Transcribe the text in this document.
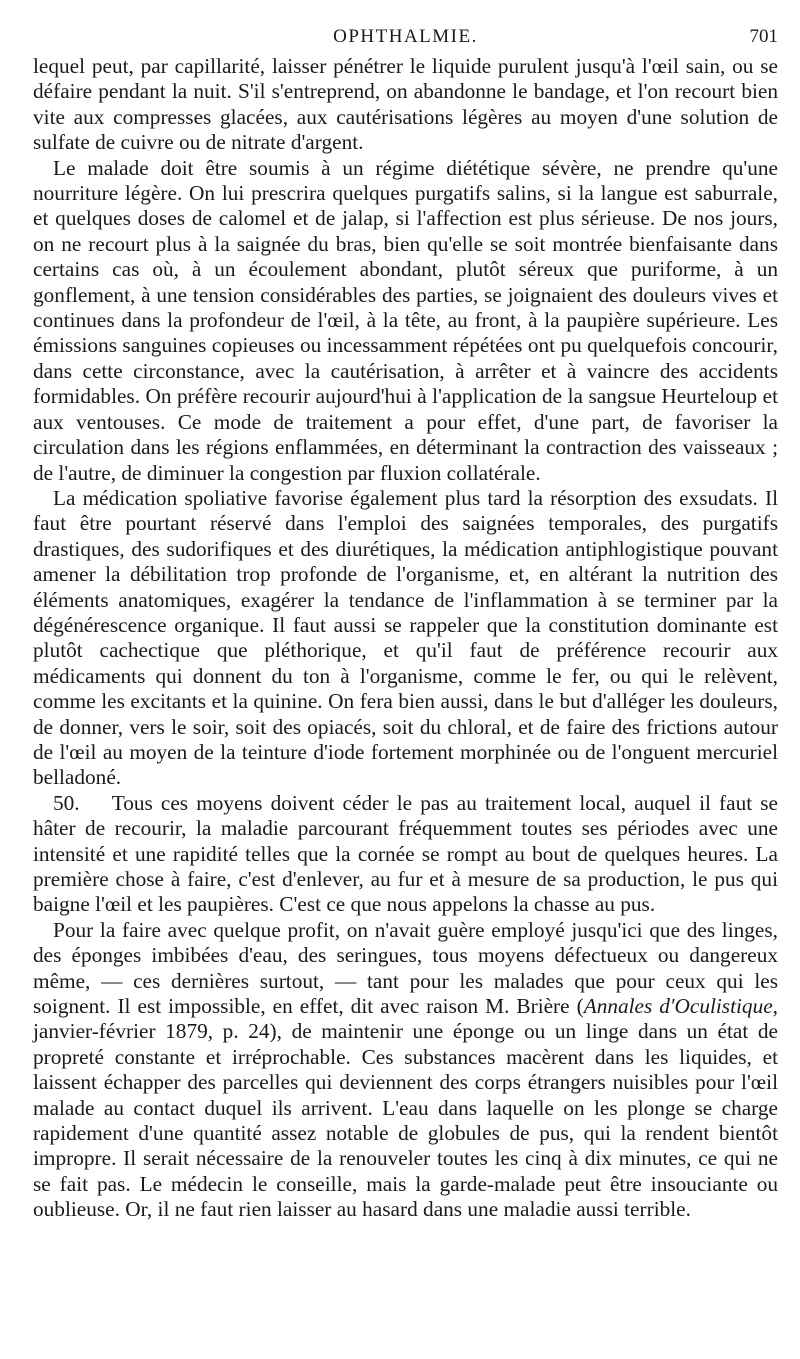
OPHTHALMIE.	701

lequel peut, par capillarité, laisser pénétrer le liquide purulent jusqu'à l'œil sain, ou se défaire pendant la nuit. S'il s'entreprend, on abandonne le bandage, et l'on recourt bien vite aux compresses glacées, aux cautérisations légères au moyen d'une solution de sulfate de cuivre ou de nitrate d'argent.

Le malade doit être soumis à un régime diététique sévère, ne prendre qu'une nourriture légère. On lui prescrira quelques purgatifs salins, si la langue est saburrale, et quelques doses de calomel et de jalap, si l'affection est plus sérieuse. De nos jours, on ne recourt plus à la saignée du bras, bien qu'elle se soit montrée bienfaisante dans certains cas où, à un écoulement abondant, plutôt séreux que puriforme, à un gonflement, à une tension considérables des parties, se joignaient des douleurs vives et continues dans la profondeur de l'œil, à la tête, au front, à la paupière supérieure. Les émissions sanguines copieuses ou incessamment répétées ont pu quelquefois concourir, dans cette circonstance, avec la cautérisation, à arrêter et à vaincre des accidents formidables. On préfère recourir aujourd'hui à l'application de la sangsue Heurteloup et aux ventouses. Ce mode de traitement a pour effet, d'une part, de favoriser la circulation dans les régions enflammées, en déterminant la contraction des vaisseaux ; de l'autre, de diminuer la congestion par fluxion collatérale.

La médication spoliative favorise également plus tard la résorption des exsudats. Il faut être pourtant réservé dans l'emploi des saignées temporales, des purgatifs drastiques, des sudorifiques et des diurétiques, la médication antiphlogistique pouvant amener la débilitation trop profonde de l'organisme, et, en altérant la nutrition des éléments anatomiques, exagérer la tendance de l'inflammation à se terminer par la dégénérescence organique. Il faut aussi se rappeler que la constitution dominante est plutôt cachectique que pléthorique, et qu'il faut de préférence recourir aux médicaments qui donnent du ton à l'organisme, comme le fer, ou qui le relèvent, comme les excitants et la quinine. On fera bien aussi, dans le but d'alléger les douleurs, de donner, vers le soir, soit des opiacés, soit du chloral, et de faire des frictions autour de l'œil au moyen de la teinture d'iode fortement morphinée ou de l'onguent mercuriel belladoné.

50. Tous ces moyens doivent céder le pas au traitement local, auquel il faut se hâter de recourir, la maladie parcourant fréquemment toutes ses périodes avec une intensité et une rapidité telles que la cornée se rompt au bout de quelques heures. La première chose à faire, c'est d'enlever, au fur et à mesure de sa production, le pus qui baigne l'œil et les paupières. C'est ce que nous appelons la chasse au pus.

Pour la faire avec quelque profit, on n'avait guère employé jusqu'ici que des linges, des éponges imbibées d'eau, des seringues, tous moyens défectueux ou dangereux même, — ces dernières surtout, — tant pour les malades que pour ceux qui les soignent. Il est impossible, en effet, dit avec raison M. Brière (Annales d'Oculistique, janvier-février 1879, p. 24), de maintenir une éponge ou un linge dans un état de propreté constante et irréprochable. Ces substances macèrent dans les liquides, et laissent échapper des parcelles qui deviennent des corps étrangers nuisibles pour l'œil malade au contact duquel ils arrivent. L'eau dans laquelle on les plonge se charge rapidement d'une quantité assez notable de globules de pus, qui la rendent bientôt impropre. Il serait nécessaire de la renouveler toutes les cinq à dix minutes, ce qui ne se fait pas. Le médecin le conseille, mais la garde-malade peut être insouciante ou oublieuse. Or, il ne faut rien laisser au hasard dans une maladie aussi terrible.
